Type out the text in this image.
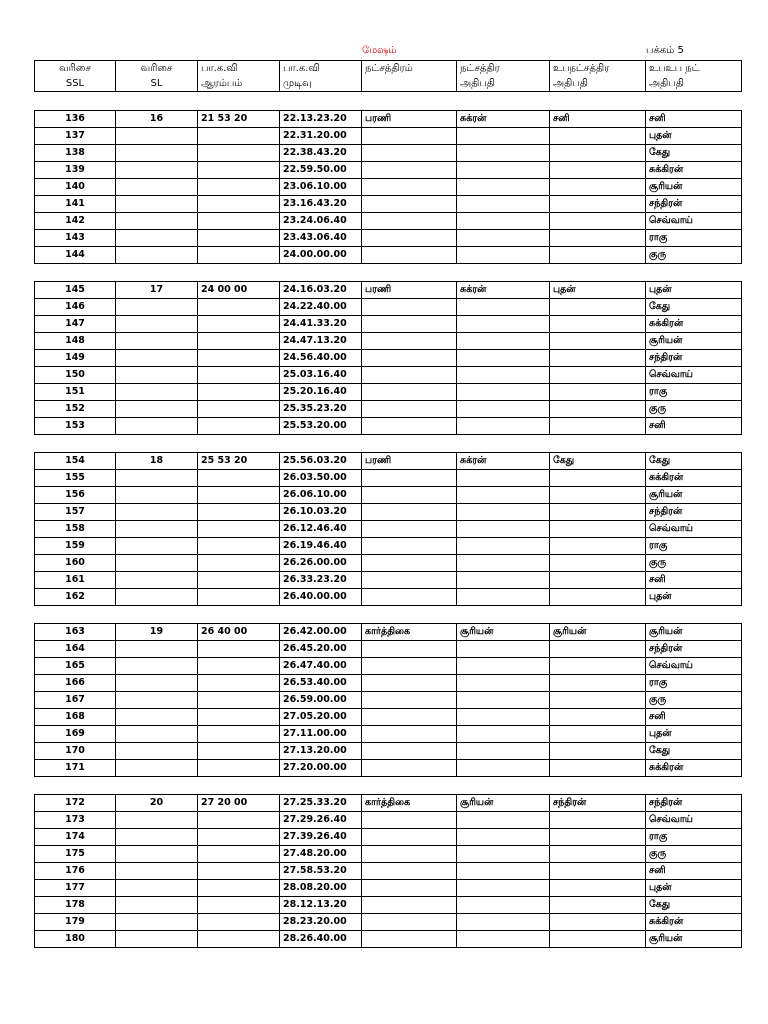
மேஷம்	பக்கம் 5
வரிசை	வரிசை	பா.க.வி	பா.க.வி	நட்சத்திரம்	நட்சத்திர	உபநட்சத்திர	உபஉப நட்
SSL	SL	ஆரம்பம்	முடிவு		அதிபதி	அதிபதி	அதிபதி
136	16	21 53 20	22.13.23.20	பரணி	சுக்ரன்	சனி	சனி
137			22.31.20.00				புதன்
138			22.38.43.20				கேது
139			22.59.50.00				சுக்கிரன்
140			23.06.10.00				சூரியன்
141			23.16.43.20				சந்திரன்
142			23.24.06.40				செவ்வாய்
143			23.43.06.40				ராகு
144			24.00.00.00				குரு
145	17	24 00 00	24.16.03.20	பரணி	சுக்ரன்	புதன்	புதன்
146			24.22.40.00				கேது
147			24.41.33.20				சுக்கிரன்
148			24.47.13.20				சூரியன்
149			24.56.40.00				சந்திரன்
150			25.03.16.40				செவ்வாய்
151			25.20.16.40				ராகு
152			25.35.23.20				குரு
153			25.53.20.00				சனி
154	18	25 53 20	25.56.03.20	பரணி	சுக்ரன்	கேது	கேது
155			26.03.50.00				சுக்கிரன்
156			26.06.10.00				சூரியன்
157			26.10.03.20				சந்திரன்
158			26.12.46.40				செவ்வாய்
159			26.19.46.40				ராகு
160			26.26.00.00				குரு
161			26.33.23.20				சனி
162			26.40.00.00				புதன்
163	19	26 40 00	26.42.00.00	கார்த்திகை	சூரியன்	சூரியன்	சூரியன்
164			26.45.20.00				சந்திரன்
165			26.47.40.00				செவ்வாய்
166			26.53.40.00				ராகு
167			26.59.00.00				குரு
168			27.05.20.00				சனி
169			27.11.00.00				புதன்
170			27.13.20.00				கேது
171			27.20.00.00				சுக்கிரன்
172	20	27 20 00	27.25.33.20	கார்த்திகை	சூரியன்	சந்திரன்	சந்திரன்
173			27.29.26.40				செவ்வாய்
174			27.39.26.40				ராகு
175			27.48.20.00				குரு
176			27.58.53.20				சனி
177			28.08.20.00				புதன்
178			28.12.13.20				கேது
179			28.23.20.00				சுக்கிரன்
180			28.26.40.00				சூரியன்
